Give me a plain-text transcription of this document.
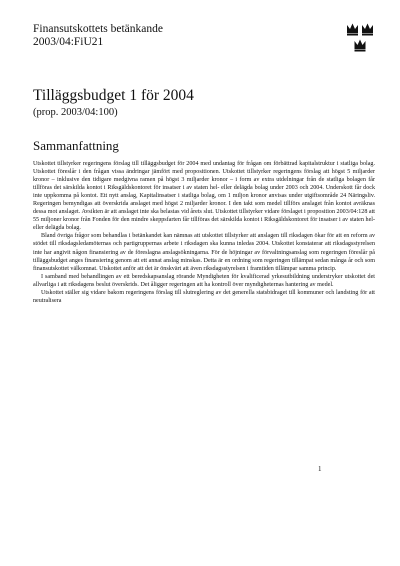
Finansutskottets betänkande
2003/04:FiU21
Tilläggsbudget 1 för 2004
(prop. 2003/04:100)
Sammanfattning

Utskottet tillstyrker regeringens förslag till tilläggsbudget för 2004 med undantag för frågan om förbättrad kapitalstruktur i statliga bolag. Utskottet föreslår i den frågan vissa ändringar jämfört med propositionen. Utskottet tillstyrker regeringens förslag att högst 5 miljarder kronor – inklusive den tidigare medgivna ramen på högst 3 miljarder kronor – i form av extra utdelningar från de statliga bolagen får tillföras det särskilda kontot i Riksgäldskontoret för insatser i av staten hel- eller delägda bolag under 2003 och 2004. Underskott får dock inte uppkomma på kontot. Ett nytt anslag, Kapitalinsatser i statliga bolag, om 1 miljon kronor anvisas under utgiftsområde 24 Näringsliv. Regeringen bemyndigas att överskrida anslaget med högst 2 miljarder kronor. I den takt som medel tillförs anslaget från kontot avräknas dessa mot anslaget. Avsikten är att anslaget inte ska belastas vid årets slut. Utskottet tillstyrker vidare förslaget i proposition 2003/04:128 att 55 miljoner kronor från Fonden för den mindre skeppsfarten får tillföras det särskilda kontot i Riksgäldskontoret för insatser i av staten hel- eller delägda bolag.

Bland övriga frågor som behandlas i betänkandet kan nämnas att utskottet tillstyrker att anslagen till riksdagen ökar för att en reform av stödet till riksdagsledamöternas och partigruppernas arbete i riksdagen ska kunna inledas 2004. Utskottet konstaterar att riksdagsstyrelsen inte har angivit någon finansiering av de föreslagna anslagsökningarna. För de höjningar av förvaltningsanslag som regeringen föreslår på tilläggsbudget anges finansiering genom att ett annat anslag minskas. Detta är en ordning som regeringen tillämpat sedan många år och som finansutskottet välkomnat. Utskottet anför att det är önskvärt att även riksdagsstyrelsen i framtiden tillämpar samma princip.

I samband med behandlingen av ett beredskapsanslag rörande Myndigheten för kvalificerad yrkesutbildning understryker utskottet det allvarliga i att riksdagens beslut överskrids. Det åligger regeringen att ha kontroll över myndigheternas hantering av medel.

Utskottet ställer sig vidare bakom regeringens förslag till slutreglering av det generella statsbidraget till kommuner och landsting för att neutralisera

1
